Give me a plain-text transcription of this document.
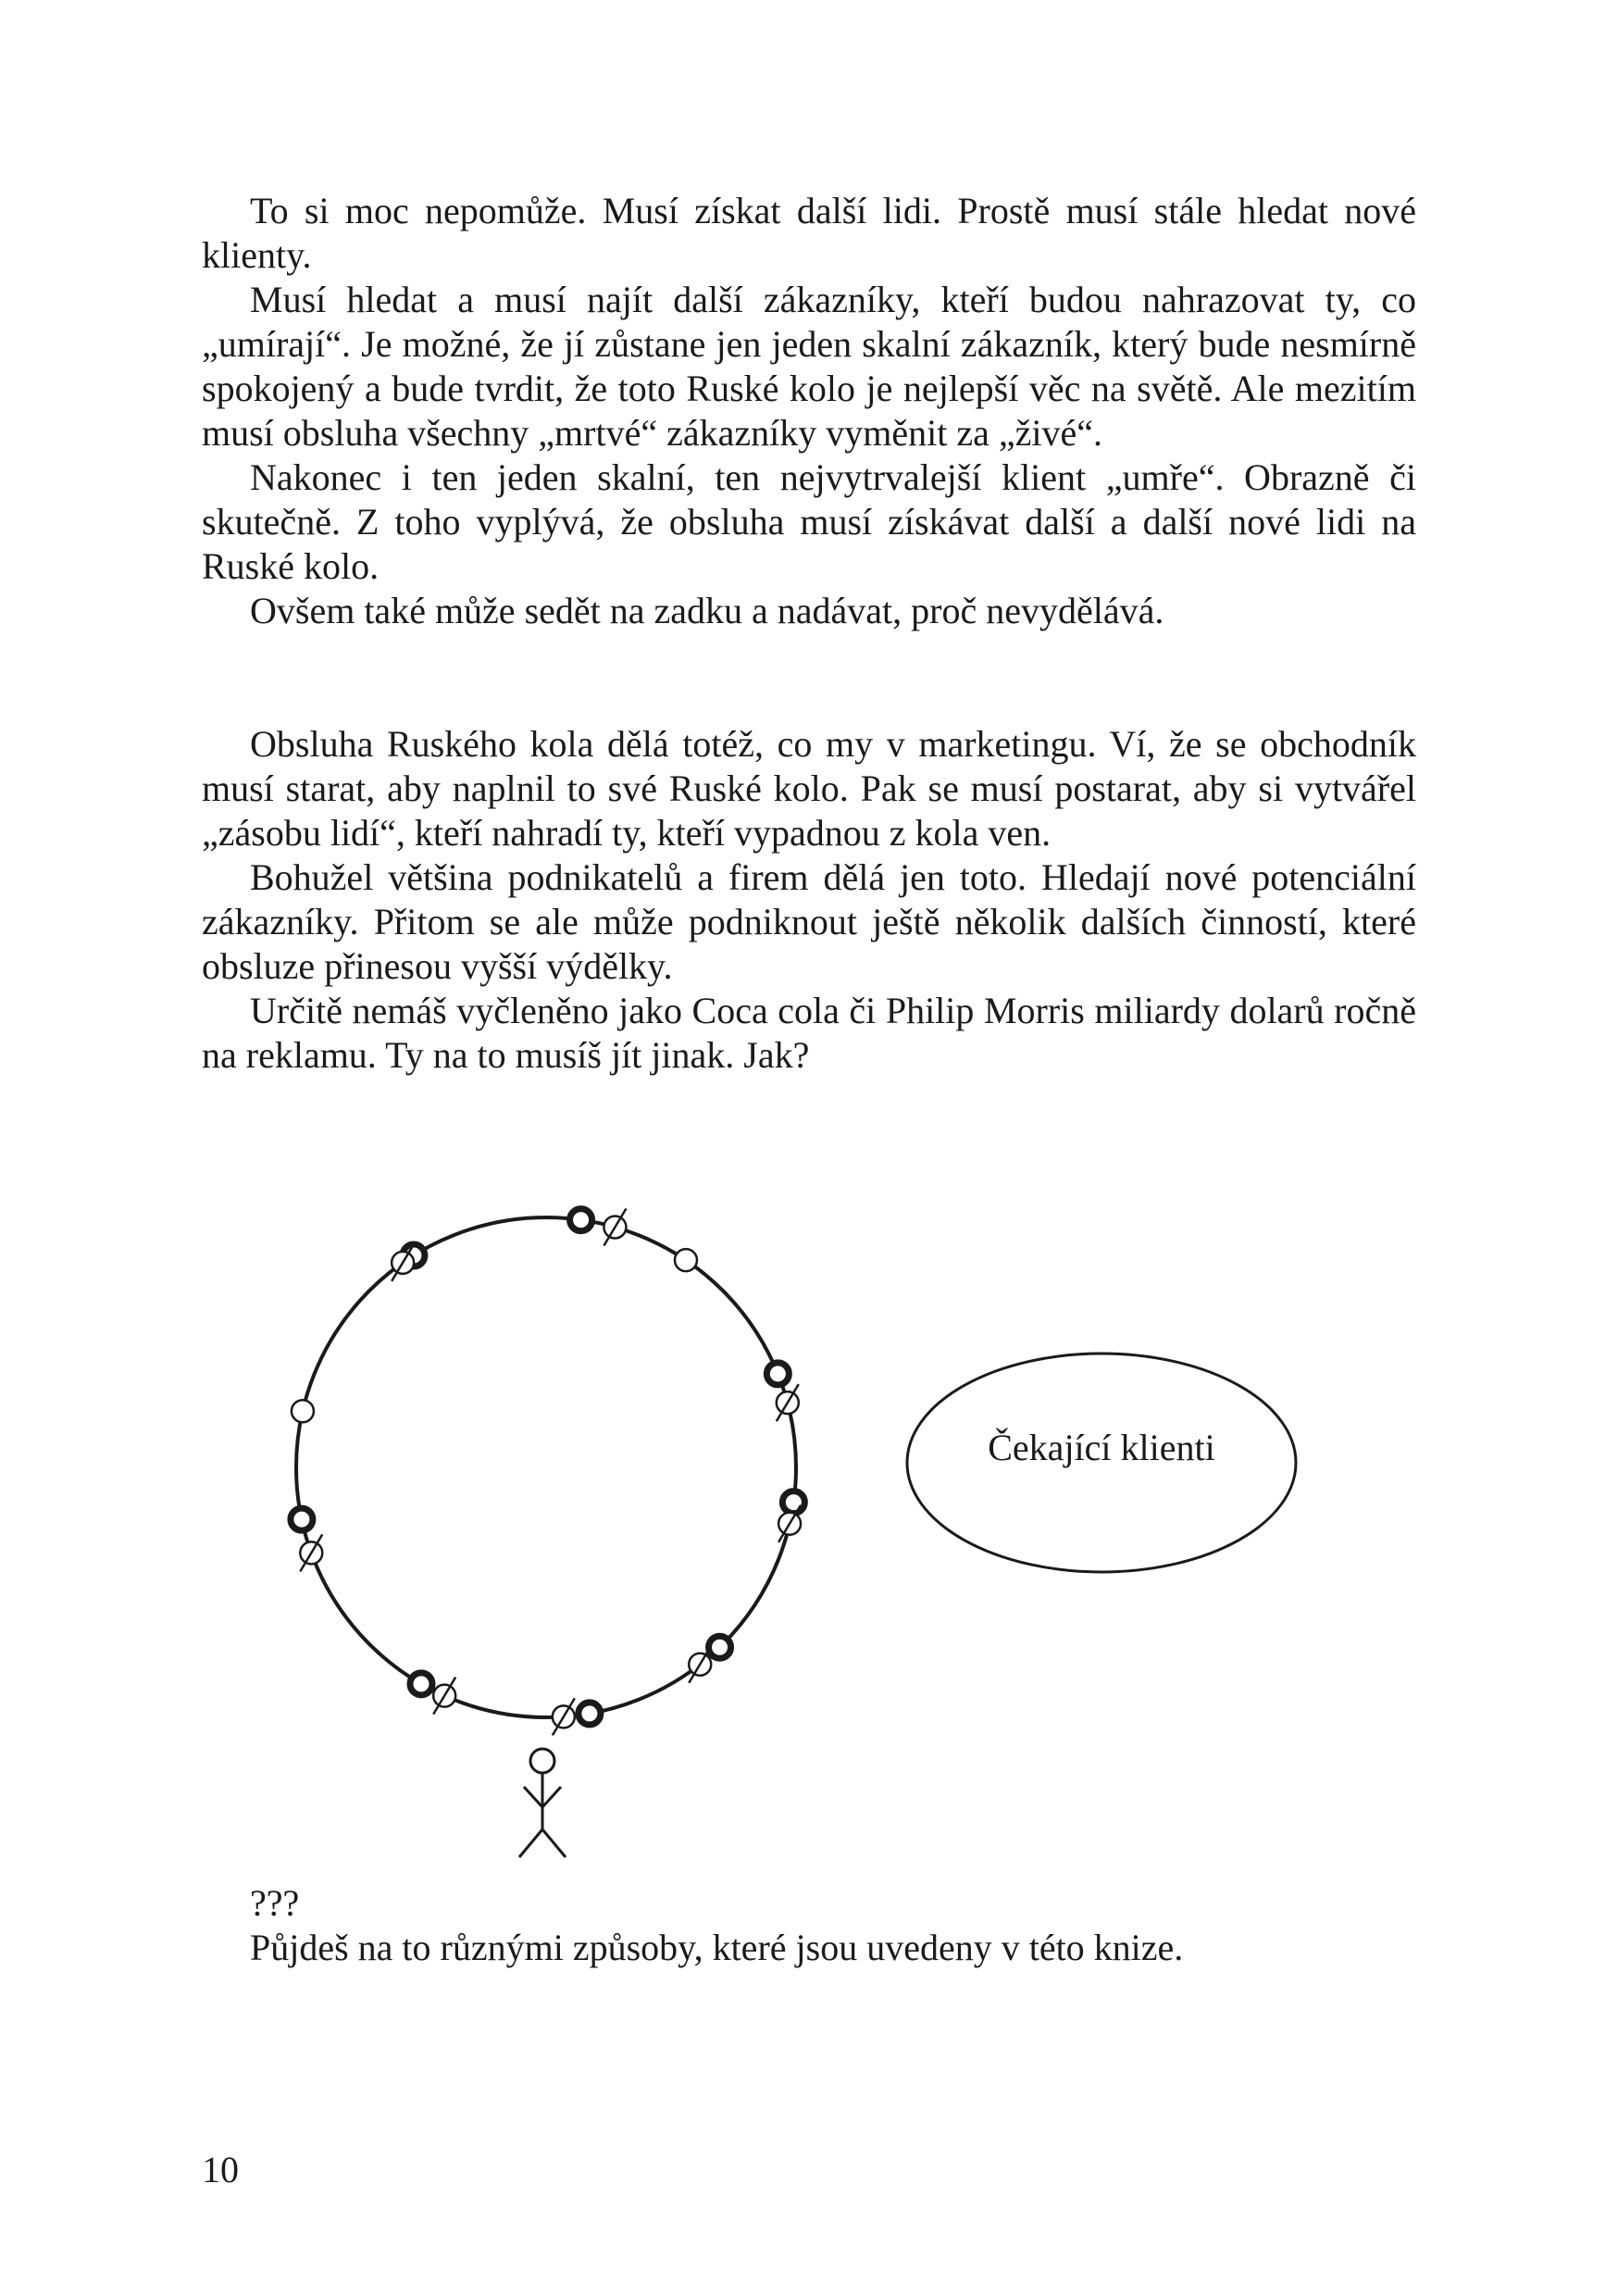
To si moc nepomůže. Musí získat další lidi. Prostě musí stále hledat nové klienty.

Musí hledat a musí najít další zákazníky, kteří budou nahrazovat ty, co „umírají“. Je možné, že jí zůstane jen jeden skalní zákazník, který bude nesmírně spokojený a bude tvrdit, že toto Ruské kolo je nejlepší věc na světě. Ale mezitím musí obsluha všechny „mrtvé“ zákazníky vyměnit za „živé“.

Nakonec i ten jeden skalní, ten nejvytrvalejší klient „umře“. Obrazně či skutečně. Z toho vyplývá, že obsluha musí získávat další a další nové lidi na Ruské kolo.

Ovšem také může sedět na zadku a nadávat, proč nevydělává.

Obsluha Ruského kola dělá totéž, co my v marketingu. Ví, že se obchodník musí starat, aby naplnil to své Ruské kolo. Pak se musí postarat, aby si vytvářel „zásobu lidí“, kteří nahradí ty, kteří vypadnou z kola ven.

Bohužel většina podnikatelů a firem dělá jen toto. Hledají nové potenciální zákazníky. Přitom se ale může podniknout ještě několik dalších činností, které obsluze přinesou vyšší výdělky.

Určitě nemáš vyčleněno jako Coca cola či Philip Morris miliardy dolarů ročně na reklamu. Ty na to musíš jít jinak. Jak?

Čekající klienti
???
Půjdeš na to různými způsoby, které jsou uvedeny v této knize.
10
